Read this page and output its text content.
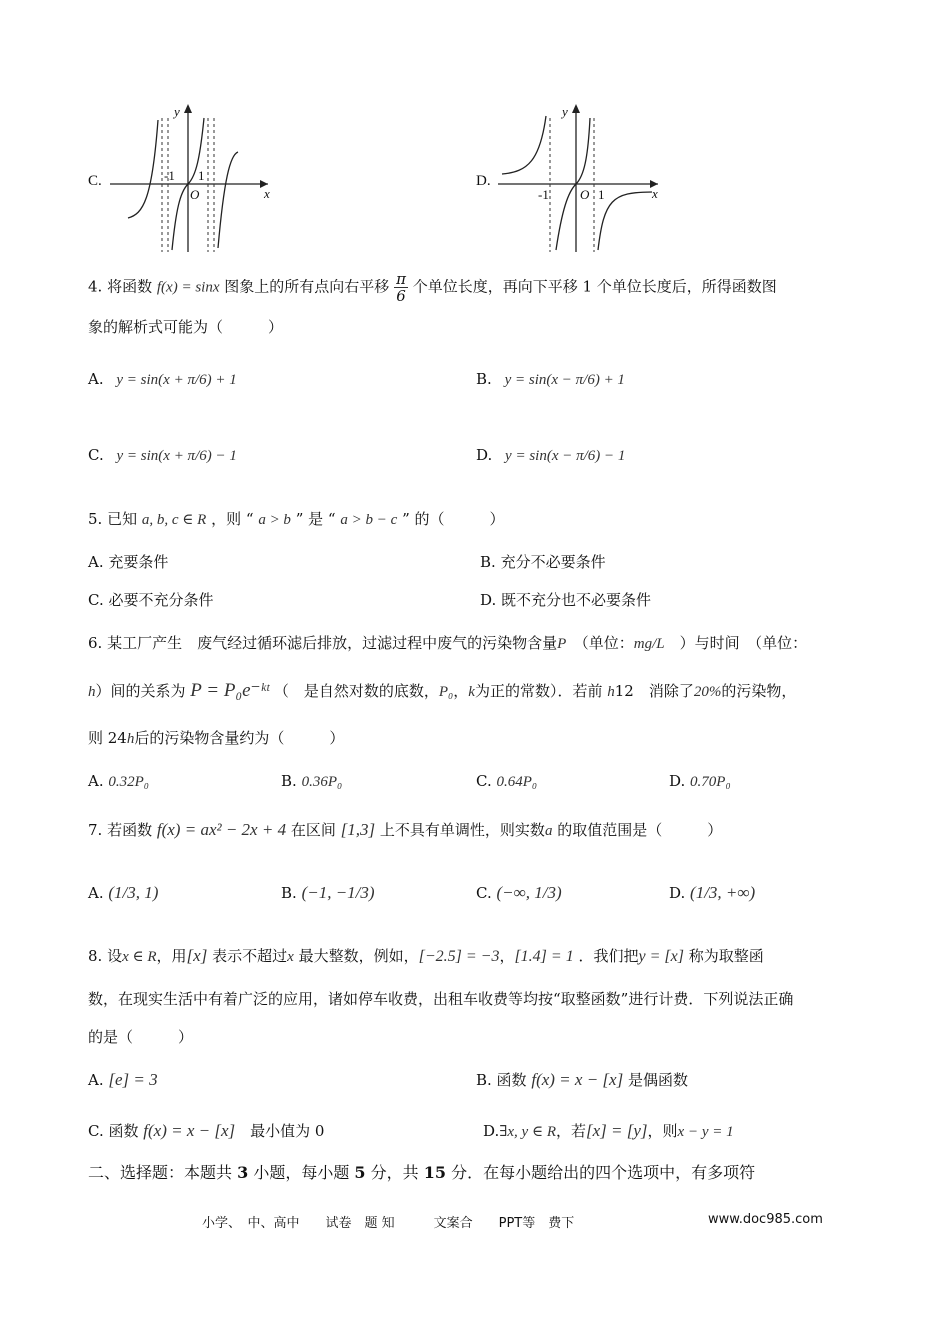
C.
y
x
O
-1 1	D.
y
x
O
-1	1
4. 将函数 f(x) = sinx 图象上的所有点向右平移 $\frac{\pi}{6}$ 个单位长度，再向下平移 1 个单位长度后，所得函数图
象的解析式可能为（　　　）
A. y = sin(x + π/6) + 1	B. y = sin(x − π/6) + 1
C. y = sin(x + π/6) − 1	D. y = sin(x − π/6) − 1
5. 已知 a, b, c ∈ R ，则 “ a > b ” 是 “ a > b − c ” 的（　　　）
A. 充要条件	B. 充分不必要条件
C. 必要不充分条件	D. 既不充分也不必要条件
6. 某工厂产生　废气经过循环滤后排放，过滤过程中废气的污染物含量P　 （单位：mg/L　 ）与时间　（单位：
h）间的关系为 P = P₀e⁻ᵏᵗ （　是自然对数的底数，P₀，k为正的常数）．若前 h12　消除了20%的污染物，
则 24h后的污染物含量约为（　　　）
A. 0.32P₀	B. 0.36P₀	C. 0.64P₀	D. 0.70P₀
7. 若函数 f(x) = ax² − 2x + 4 在区间 [1,3] 上不具有单调性，则实数a 的取值范围是（　　　）
A. (1/3, 1)	B. (−1, −1/3)	C. (−∞, 1/3)	D. (1/3, +∞)
8. 设x ∈ R，用[x] 表示不超过x 最大整数，例如，[−2.5] = −3，[1.4] = 1 ．我们把y = [x] 称为取整函
数，在现实生活中有着广泛的应用，诸如停车收费，出租车收费等均按“取整函数”进行计费．下列说法正确
的是（　　　）
A. [e] = 3	B. 函数 f(x) = x − [x] 是偶函数
C. 函数 f(x) = x − [x]　 最小值为 0	D.∃x, y ∈ R，若[x] = [y]，则x − y = 1
二、选择题：本题共 3 小题，每小题 5 分，共 15 分．在每小题给出的四个选项中，有多项符
小学、　中、高中　　试卷　题 知　　　文案合　　PPT等　费下	www.doc985.com
